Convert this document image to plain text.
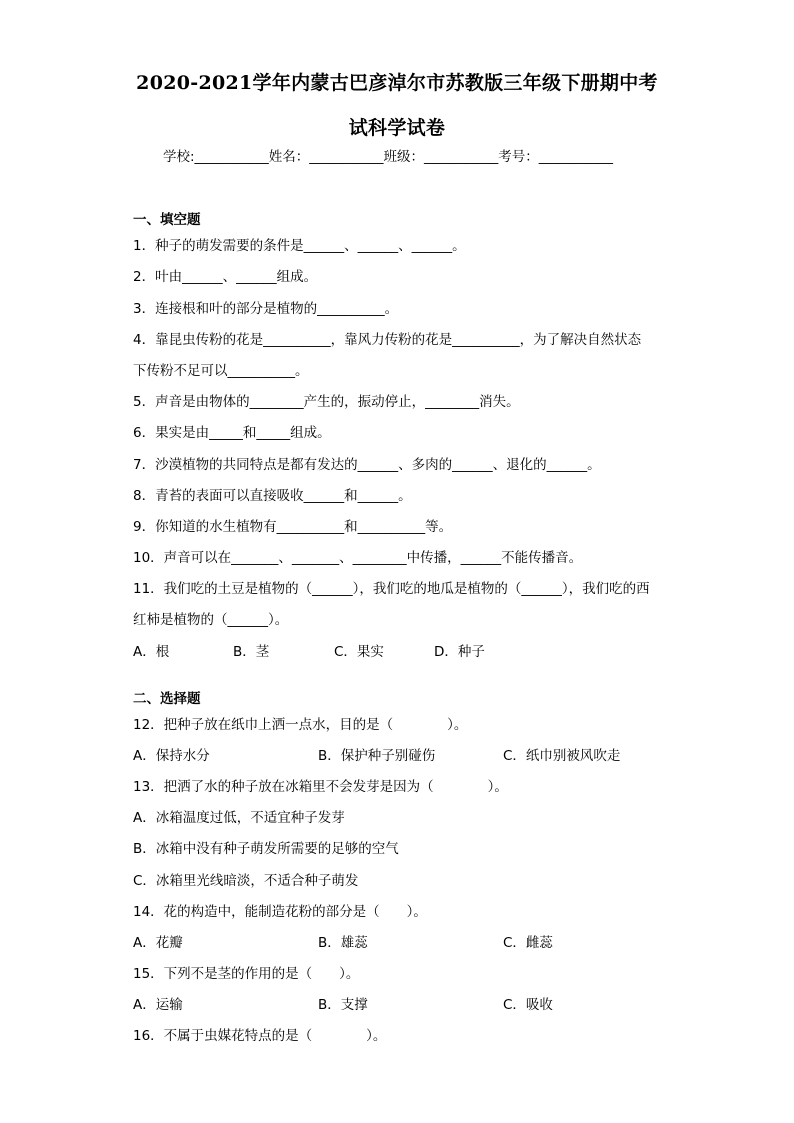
2020-2021学年内蒙古巴彦淖尔市苏教版三年级下册期中考
试科学试卷
学校:___________姓名：___________班级：___________考号：___________
一、填空题
1．种子的萌发需要的条件是______、______、______。
2．叶由______、______组成。
3．连接根和叶的部分是植物的__________。
4．靠昆虫传粉的花是__________，靠风力传粉的花是__________，为了解决自然状态
下传粉不足可以__________。
5．声音是由物体的________产生的，振动停止，________消失。
6．果实是由_____和_____组成。
7．沙漠植物的共同特点是都有发达的______、多肉的______、退化的______。
8．青苔的表面可以直接吸收______和______。
9．你知道的水生植物有__________和__________等。
10．声音可以在_______、_______、________中传播，______不能传播音。
11．我们吃的土豆是植物的（______），我们吃的地瓜是植物的（______），我们吃的西
红柿是植物的（______）。
A．根	B．茎	C．果实	D．种子
二、选择题
12．把种子放在纸巾上洒一点水，目的是（　　　　）。
A．保持水分	B．保护种子别碰伤	C．纸巾别被风吹走
13．把洒了水的种子放在冰箱里不会发芽是因为（　　　　）。
A．冰箱温度过低，不适宜种子发芽
B．冰箱中没有种子萌发所需要的足够的空气
C．冰箱里光线暗淡，不适合种子萌发
14．花的构造中，能制造花粉的部分是（　　）。
A．花瓣	B．雄蕊	C．雌蕊
15．下列不是茎的作用的是（　　）。
A．运输	B．支撑	C．吸收
16．不属于虫媒花特点的是（　　　　）。
